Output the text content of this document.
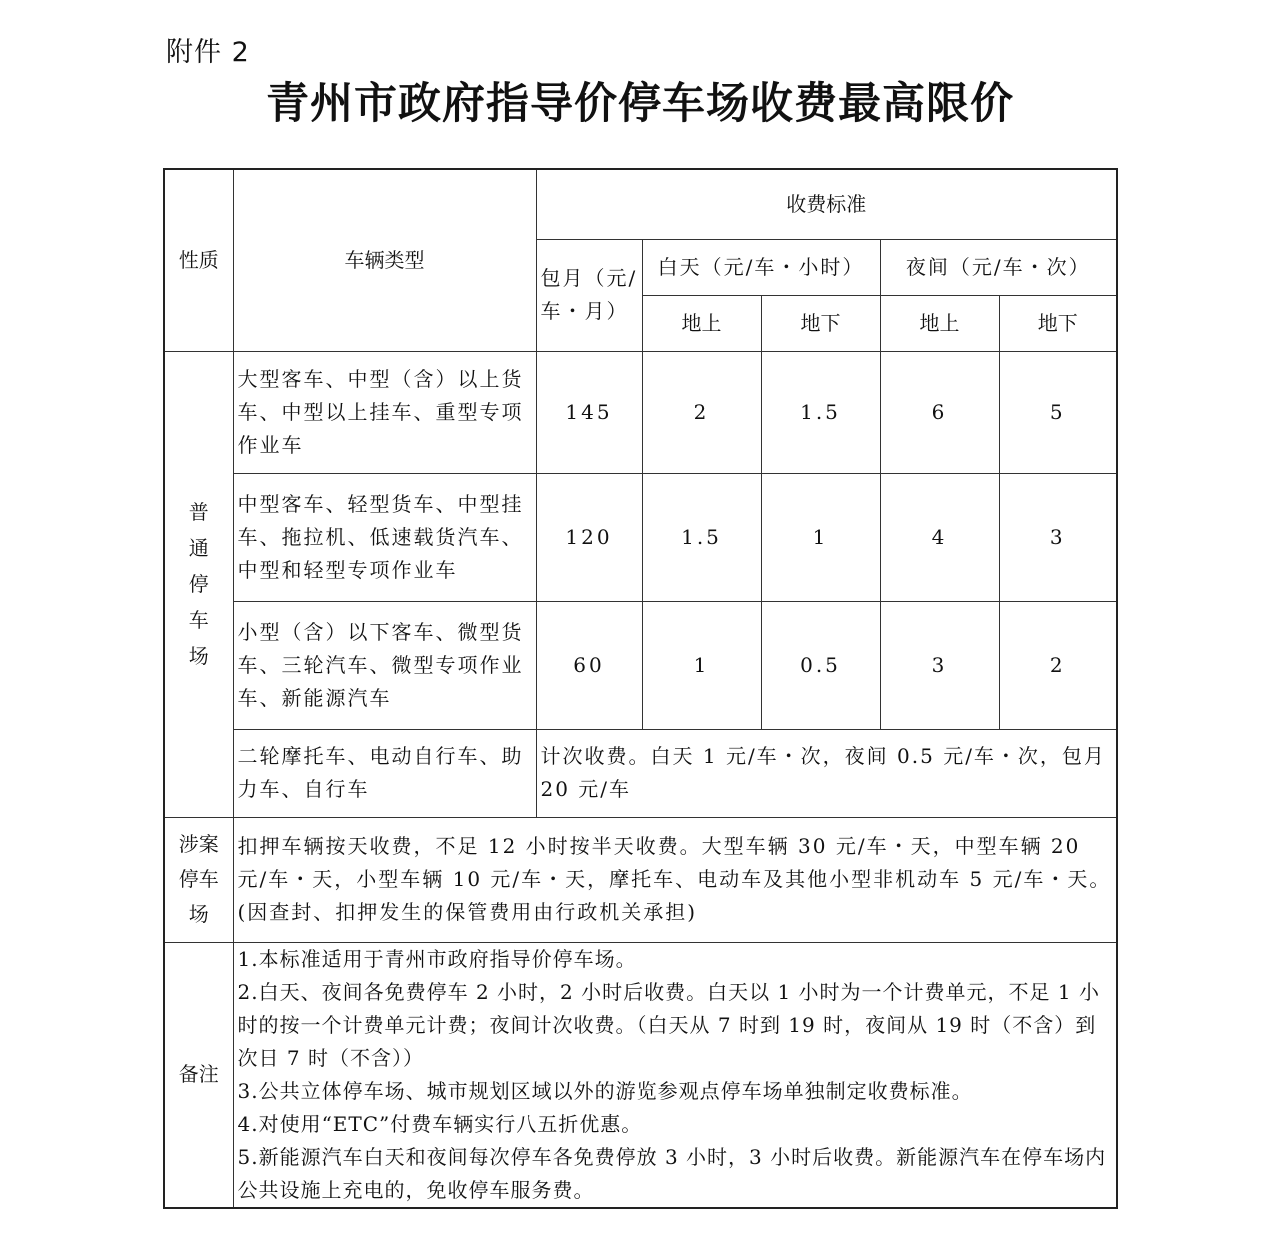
附件 2
青州市政府指导价停车场收费最高限价
性质	车辆类型	收费标准				

		包月（元/
车・月）	白天（元/车・小时）		夜间（元/车・次）	
			地上	地下	地上	地下

普
通
停
车
场	大型客车、中型（含）以上货车、中型以上挂车、重型专项作业车	145	2	1.5	6	5
	中型客车、轻型货车、中型挂车、拖拉机、低速载货汽车、中型和轻型专项作业车	120	1.5	1	4	3
	小型（含）以下客车、微型货车、三轮汽车、微型专项作业车、新能源汽车	60	1	0.5	3	2
	二轮摩托车、电动自行车、助力车、自行车	计次收费。白天 1 元/车・次，夜间 0.5 元/车・次，包月 20 元/车				

涉案
停车
场	扣押车辆按天收费，不足 12 小时按半天收费。大型车辆 30 元/车・天，中型车辆 20 元/车・天，小型车辆 10 元/车・天，摩托车、电动车及其他小型非机动车 5 元/车・天。(因查封、扣押发生的保管费用由行政机关承担)					
备注	1.本标准适用于青州市政府指导价停车场。
2.白天、夜间各免费停车 2 小时，2 小时后收费。白天以 1 小时为一个计费单元，不足 1 小时的按一个计费单元计费；夜间计次收费。（白天从 7 时到 19 时，夜间从 19 时（不含）到次日 7 时（不含））
3.公共立体停车场、城市规划区域以外的游览参观点停车场单独制定收费标准。
4.对使用“ETC”付费车辆实行八五折优惠。
5.新能源汽车白天和夜间每次停车各免费停放 3 小时，3 小时后收费。新能源汽车在停车场内公共设施上充电的，免收停车服务费。					
